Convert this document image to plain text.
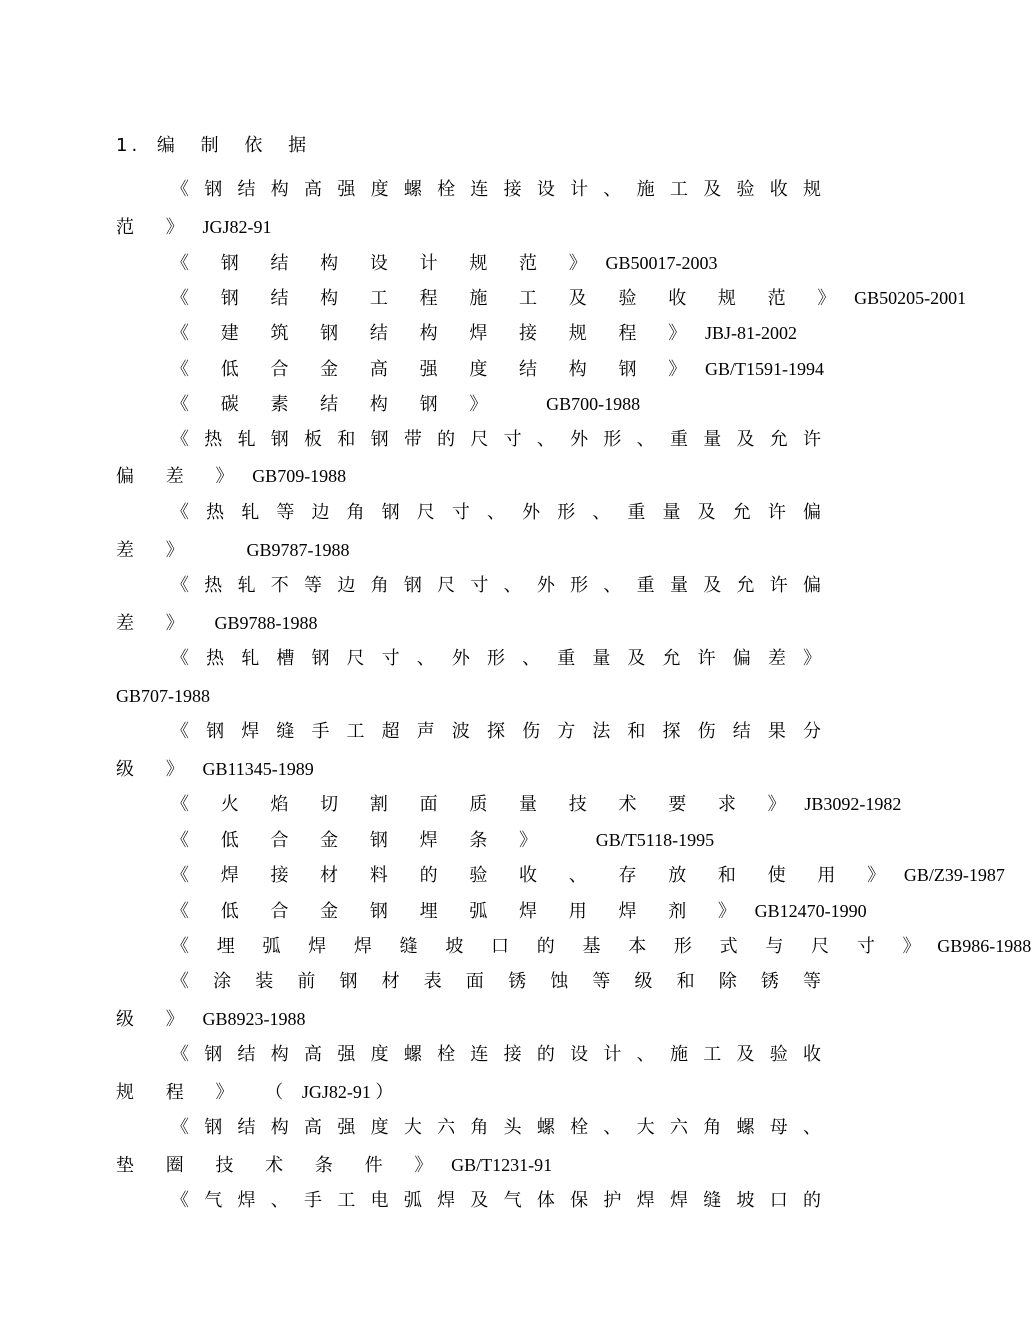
1. 编 制 依 据
《 钢 结 构 高 强 度 螺 栓 连 接 设 计 、 施 工 及 验 收 规
范 》 JGJ82-91
《 钢 结 构 设 计 规 范 》 GB50017-2003
《 钢 结 构 工 程 施 工 及 验 收 规 范 》 GB50205-2001
《 建 筑 钢 结 构 焊 接 规 程 》 JBJ-81-2002
《 低 合 金 高 强 度 结 构 钢 》 GB/T1591-1994
《 碳 素 结 构 钢 》	GB700-1988
《 热 轧 钢 板 和 钢 带 的 尺 寸 、 外 形 、 重 量 及 允 许
偏 差 》 GB709-1988
《 热 轧 等 边 角 钢 尺 寸 、 外 形 、 重 量 及 允 许 偏
差 》	GB9787-1988
《 热 轧 不 等 边 角 钢 尺 寸 、 外 形 、 重 量 及 允 许 偏
差 》 GB9788-1988
《 热 轧 槽 钢 尺 寸 、 外 形 、 重 量 及 允 许 偏 差 》
GB707-1988
《 钢 焊 缝 手 工 超 声 波 探 伤 方 法 和 探 伤 结 果 分
级 》 GB11345-1989
《 火 焰 切 割 面 质 量 技 术 要 求 》 JB3092-1982
《 低 合 金 钢 焊 条 》	GB/T5118-1995
《 焊 接 材 料 的 验 收 、 存 放 和 使 用 》 GB/Z39-1987
《 低 合 金 钢 埋 弧 焊 用 焊 剂 》 GB12470-1990
《 埋 弧 焊 焊 缝 坡 口 的 基 本 形 式 与 尺 寸 》 GB986-1988
《 涂 装 前 钢 材 表 面 锈 蚀 等 级 和 除 锈 等
级 》 GB8923-1988
《 钢 结 构 高 强 度 螺 栓 连 接 的 设 计 、 施 工 及 验 收
规 程 》 （ JGJ82-91 ）
《 钢 结 构 高 强 度 大 六 角 头 螺 栓 、 大 六 角 螺 母 、
垫 圈 技 术 条 件 》 GB/T1231-91
《 气 焊 、 手 工 电 弧 焊 及 气 体 保 护 焊 焊 缝 坡 口 的
